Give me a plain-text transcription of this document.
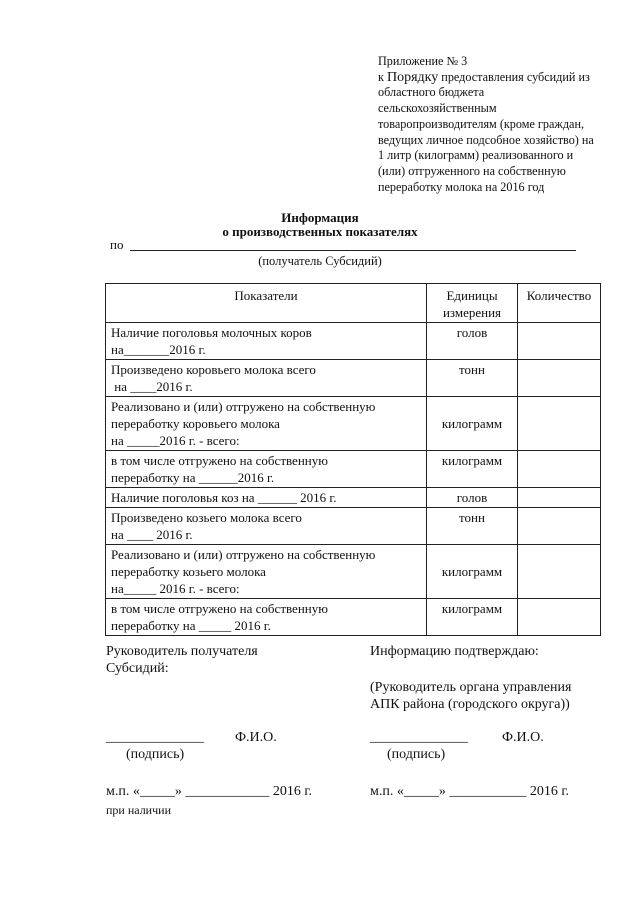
Приложение № 3
к Порядку предоставления субсидий из
областного бюджета
сельскохозяйственным
товаропроизводителям (кроме граждан,
ведущих личное подсобное хозяйство) на
1 литр (килограмм) реализованного и
(или) отгруженного на собственную
переработку молока на 2016 год
Информация
о производственных показателях
по
(получатель Субсидий)
Показатели	Единицы измерения	Количество

Наличие поголовья молочных коров
на_______2016 г.	голов	

Произведено коровьего молока всего
на ____2016 г.	тонн	

Реализовано и (или) отгружено на собственную
переработку коровьего молока
на _____2016 г. - всего:	килограмм	

в том числе отгружено на собственную
переработку на ______2016 г.	килограмм	

Наличие поголовья коз на ______ 2016 г.	голов	

Произведено козьего молока всего
на ____ 2016 г.	тонн	

Реализовано и (или) отгружено на собственную
переработку козьего молока
на_____ 2016 г. - всего:	килограмм	

в том числе отгружено на собственную
переработку на _____ 2016 г.	килограмм	
Руководитель получателя
Субсидий:
______________ Ф.И.О.
(подпись)
м.п. «_____» ____________ 2016 г.
при наличии
Информацию подтверждаю:
(Руководитель органа управления
АПК района (городского округа))
______________ Ф.И.О.
(подпись)
м.п. «_____» ___________ 2016 г.
